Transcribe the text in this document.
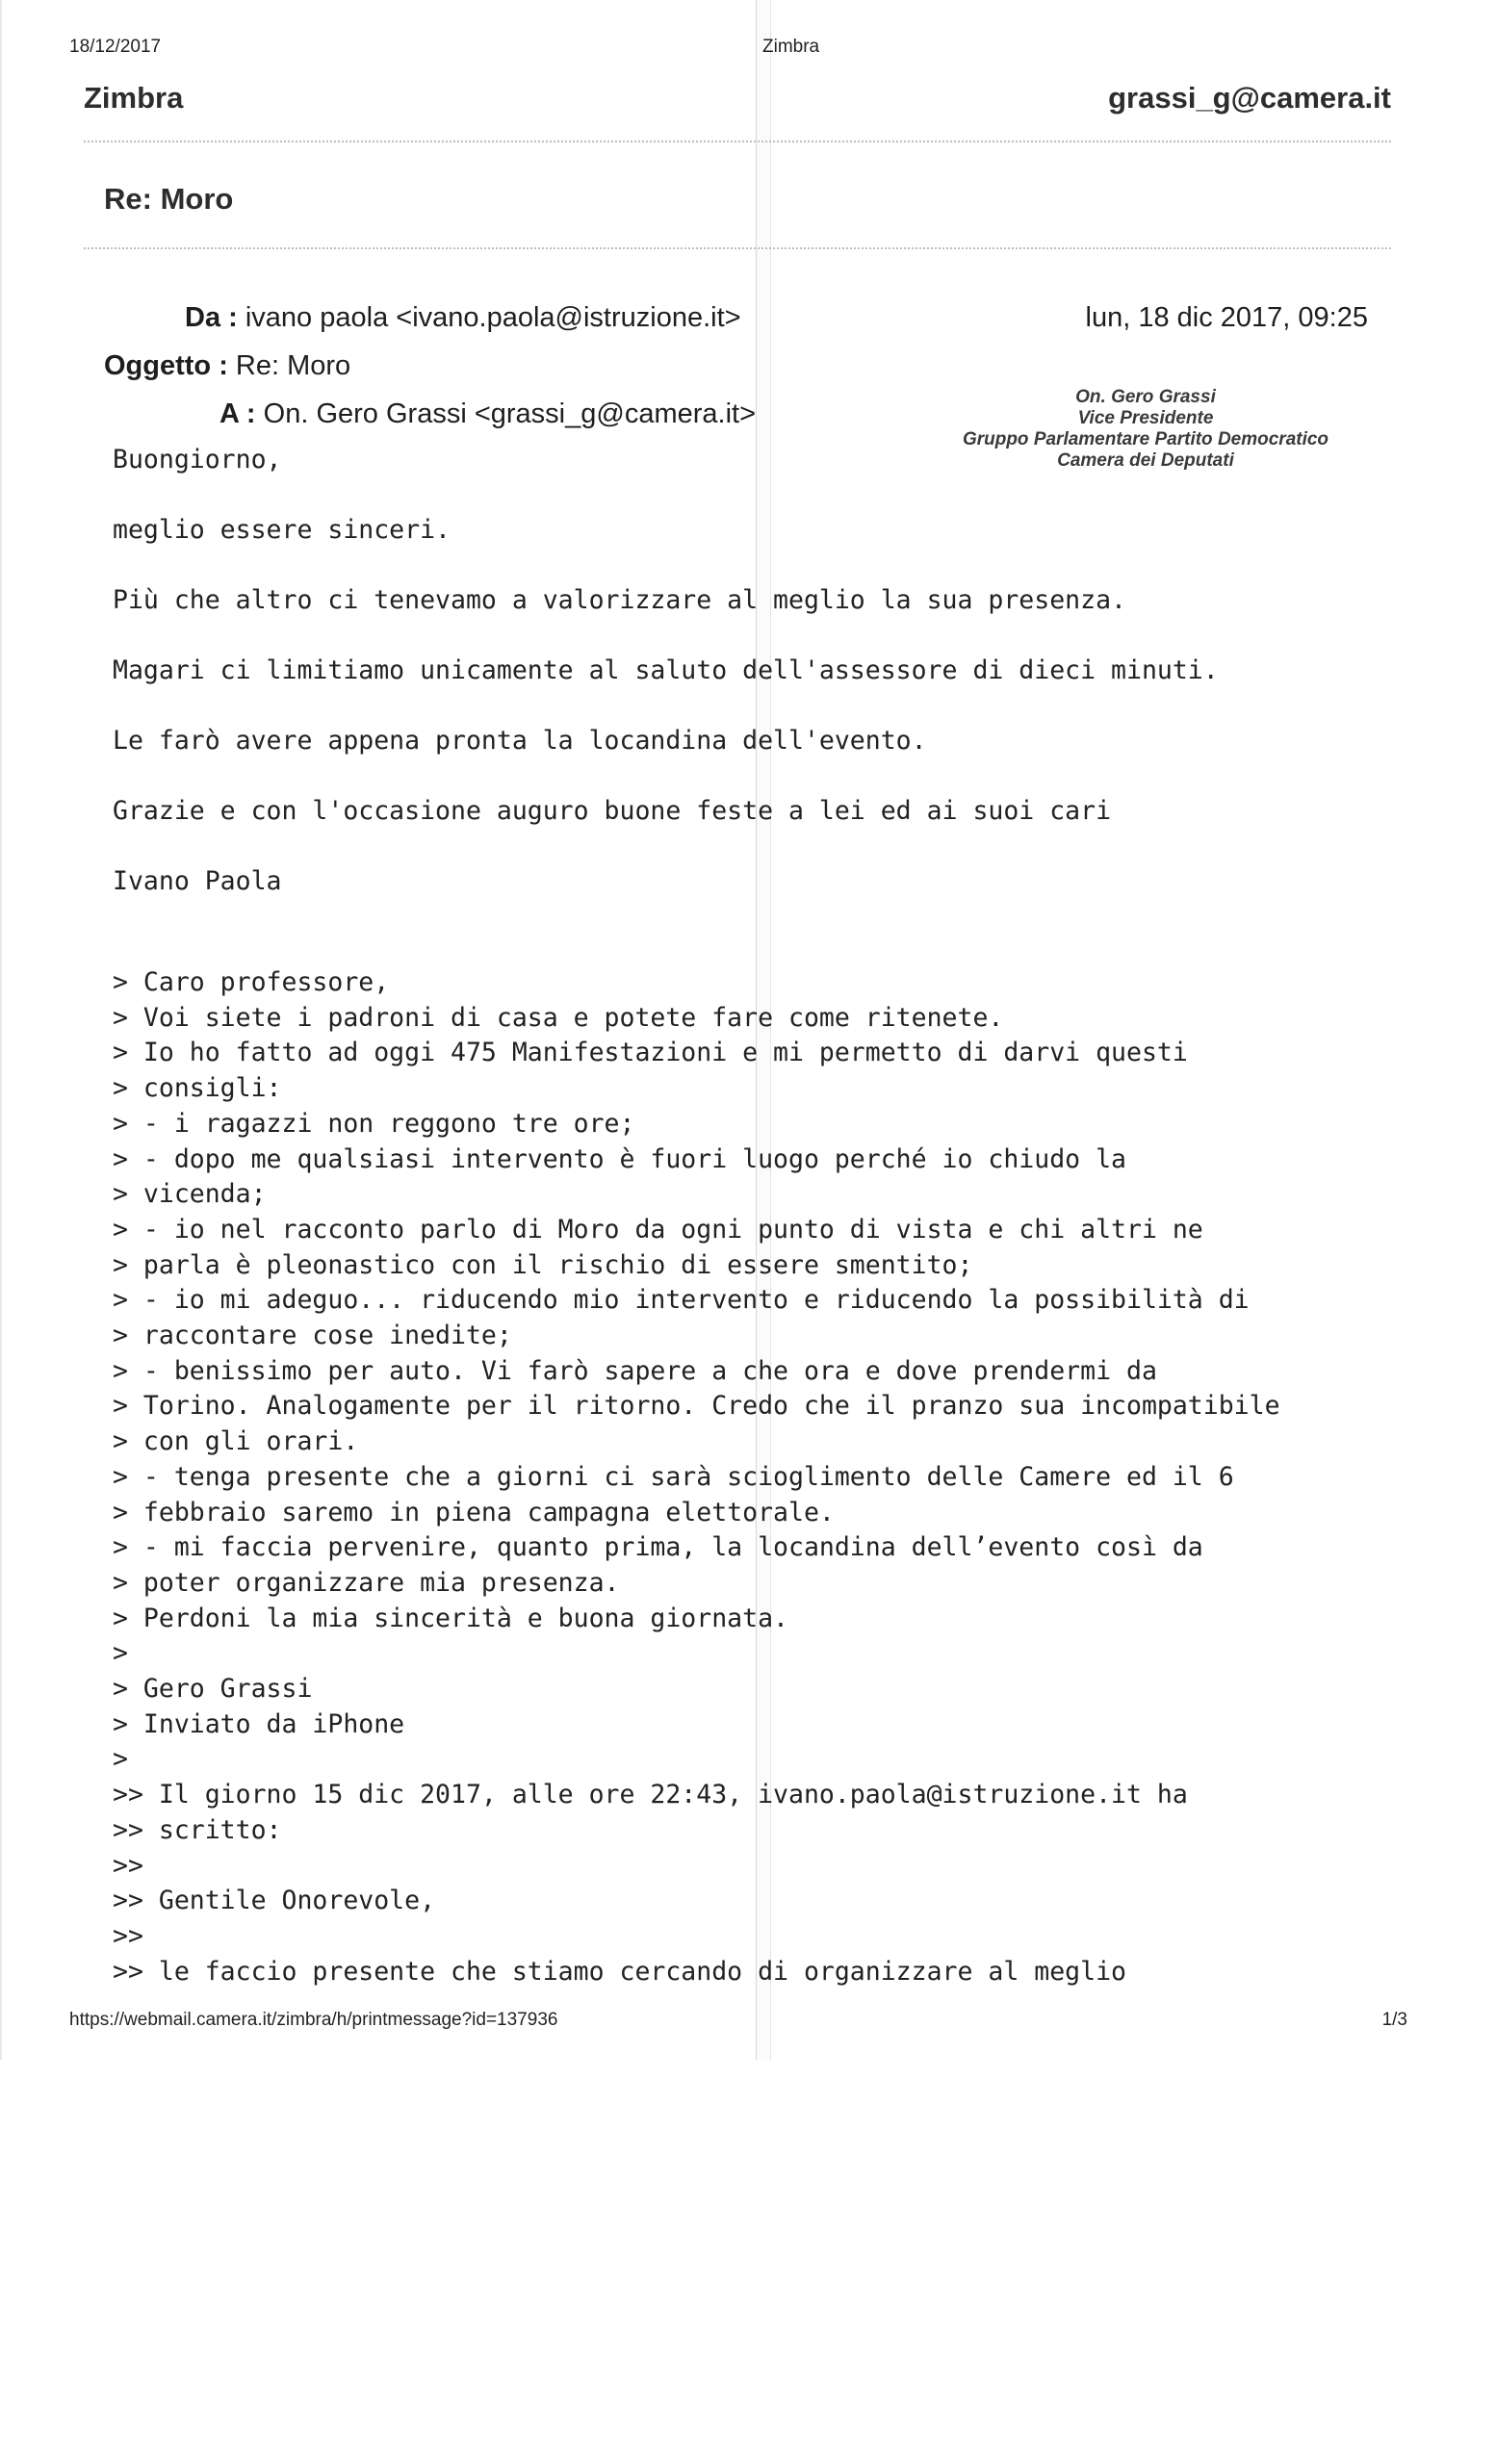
18/12/2017	Zimbra
Zimbra	grassi_g@camera.it
Re: Moro
Da : ivano paola <ivano.paola@istruzione.it>	lun, 18 dic 2017, 09:25
Oggetto : Re: Moro
A : On. Gero Grassi <grassi_g@camera.it>
On. Gero Grassi
Vice Presidente
Gruppo Parlamentare Partito Democratico
Camera dei Deputati
Buongiorno,
meglio essere sinceri.
Più che altro ci tenevamo a valorizzare al meglio la sua presenza.
Magari ci limitiamo unicamente al saluto dell'assessore di dieci minuti.
Le farò avere appena pronta la locandina dell'evento.
Grazie e con l'occasione auguro buone feste a lei ed ai suoi cari
Ivano Paola
> Caro professore,
> Voi siete i padroni di casa e potete fare come ritenete.
> Io ho fatto ad oggi 475 Manifestazioni e mi permetto di darvi questi
> consigli:
> - i ragazzi non reggono tre ore;
> - dopo me qualsiasi intervento è fuori luogo perché io chiudo la
> vicenda;
> - io nel racconto parlo di Moro da ogni punto di vista e chi altri ne
> parla è pleonastico con il rischio di essere smentito;
> - io mi adeguo... riducendo mio intervento e riducendo la possibilità di
> raccontare cose inedite;
> - benissimo per auto. Vi farò sapere a che ora e dove prendermi da
> Torino. Analogamente per il ritorno. Credo che il pranzo sua incompatibile
> con gli orari.
> - tenga presente che a giorni ci sarà scioglimento delle Camere ed il 6
> febbraio saremo in piena campagna elettorale.
> - mi faccia pervenire, quanto prima, la locandina dell’evento così da
> poter organizzare mia presenza.
> Perdoni la mia sincerità e buona giornata.
>
> Gero Grassi
> Inviato da iPhone
>
>> Il giorno 15 dic 2017, alle ore 22:43, ivano.paola@istruzione.it ha
>> scritto:
>>
>> Gentile Onorevole,
>>
>> le faccio presente che stiamo cercando di organizzare al meglio
https://webmail.camera.it/zimbra/h/printmessage?id=137936	1/3
